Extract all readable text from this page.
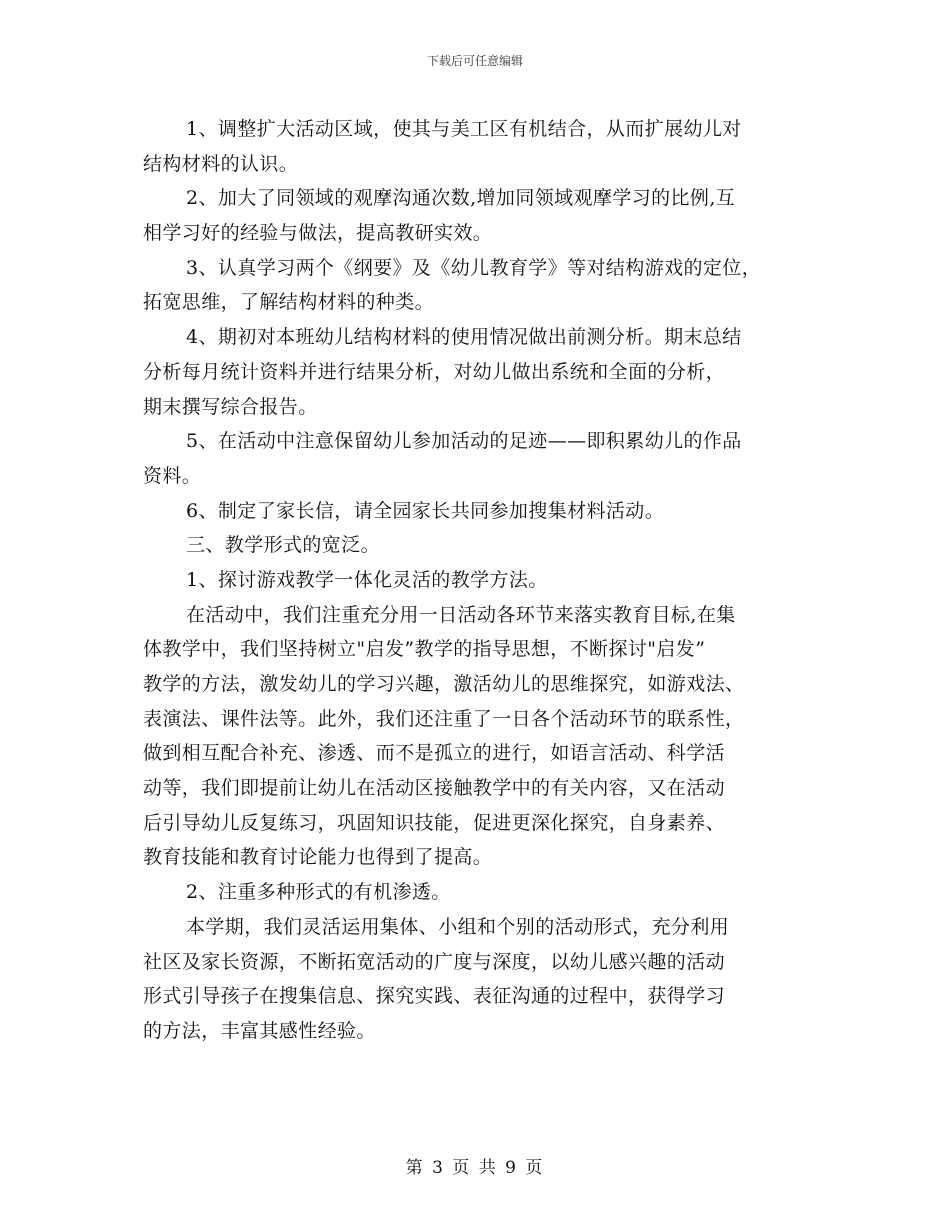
下载后可任意编辑
1、调整扩大活动区域，使其与美工区有机结合，从而扩展幼儿对
结构材料的认识。
2、加大了同领域的观摩沟通次数,增加同领域观摩学习的比例,互
相学习好的经验与做法，提高教研实效。
3、认真学习两个《纲要》及《幼儿教育学》等对结构游戏的定位，
拓宽思维，了解结构材料的种类。
4、期初对本班幼儿结构材料的使用情况做出前测分析。期末总结
分析每月统计资料并进行结果分析，对幼儿做出系统和全面的分析，
期末撰写综合报告。
5、在活动中注意保留幼儿参加活动的足迹——即积累幼儿的作品
资料。
6、制定了家长信，请全园家长共同参加搜集材料活动。
三、教学形式的宽泛。
1、探讨游戏教学一体化灵活的教学方法。
在活动中，我们注重充分用一日活动各环节来落实教育目标,在集
体教学中，我们坚持树立"启发”教学的指导思想，不断探讨"启发”
教学的方法，激发幼儿的学习兴趣，激活幼儿的思维探究，如游戏法、
表演法、课件法等。此外，我们还注重了一日各个活动环节的联系性，
做到相互配合补充、渗透、而不是孤立的进行，如语言活动、科学活
动等，我们即提前让幼儿在活动区接触教学中的有关内容，又在活动
后引导幼儿反复练习，巩固知识技能，促进更深化探究，自身素养、
教育技能和教育讨论能力也得到了提高。
2、注重多种形式的有机渗透。
本学期，我们灵活运用集体、小组和个别的活动形式，充分利用
社区及家长资源，不断拓宽活动的广度与深度，以幼儿感兴趣的活动
形式引导孩子在搜集信息、探究实践、表征沟通的过程中，获得学习
的方法，丰富其感性经验。
第 3 页 共 9 页
